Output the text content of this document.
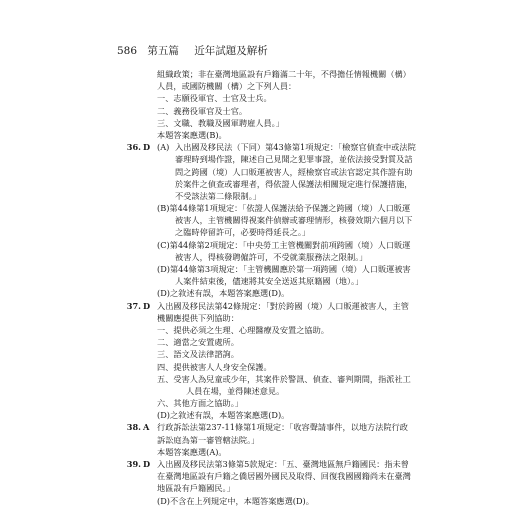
586 第五篇 近年試題及解析
組織政策；非在臺灣地區設有戶籍滿二十年，不得擔任情報機關（構）
人員，或國防機關（構）之下列人員：
一、志願役軍官、士官及士兵。
二、義務役軍官及士官。
三、文職、教職及國軍聘雇人員。」
本題答案應選(B)。
36. D (A) 入出國及移民法（下同）第43條第1項規定：「檢察官偵查中或法院
審理時到場作證，陳述自己見聞之犯罪事證，並依法接受對質及詰
問之跨國（境）人口販運被害人，經檢察官或法官認定其作證有助
於案件之偵查或審理者，得依證人保護法相關規定進行保護措施，
不受該法第二條限制。」
(B)第44條第1項規定：「依證人保護法給予保護之跨國（境）人口販運
被害人，主管機關得視案件偵辦或審理情形，核發效期六個月以下
之臨時停留許可，必要時得延長之。」
(C)第44條第2項規定：「中央勞工主管機關對前項跨國（境）人口販運
被害人，得核發聘僱許可，不受就業服務法之限制。」
(D)第44條第3項規定：「主管機關應於第一項跨國（境）人口販運被害
人案件結束後，儘速將其安全送返其原籍國（地）。」
(D)之敘述有誤，本題答案應選(D)。
37. D 入出國及移民法第42條規定：「對於跨國（境）人口販運被害人，主管
機關應提供下列協助：
一、提供必須之生理、心理醫療及安置之協助。
二、適當之安置處所。
三、語文及法律諮詢。
四、提供被害人人身安全保護。
五、受害人為兒童或少年，其案件於警訊、偵查、審判期間，指派社工
人員在場，並得陳述意見。
六、其他方面之協助。」
(D)之敘述有誤，本題答案應選(D)。
38. A 行政訴訟法第237-11條第1項規定：「收容聲請事件，以地方法院行政
訴訟庭為第一審管轄法院。」
本題答案應選(A)。
39. D 入出國及移民法第3條第5款規定：「五、臺灣地區無戶籍國民：指未曾
在臺灣地區設有戶籍之僑居國外國民及取得、回復我國國籍尚未在臺灣
地區設有戶籍國民。」
(D)不含在上列規定中，本題答案應選(D)。
